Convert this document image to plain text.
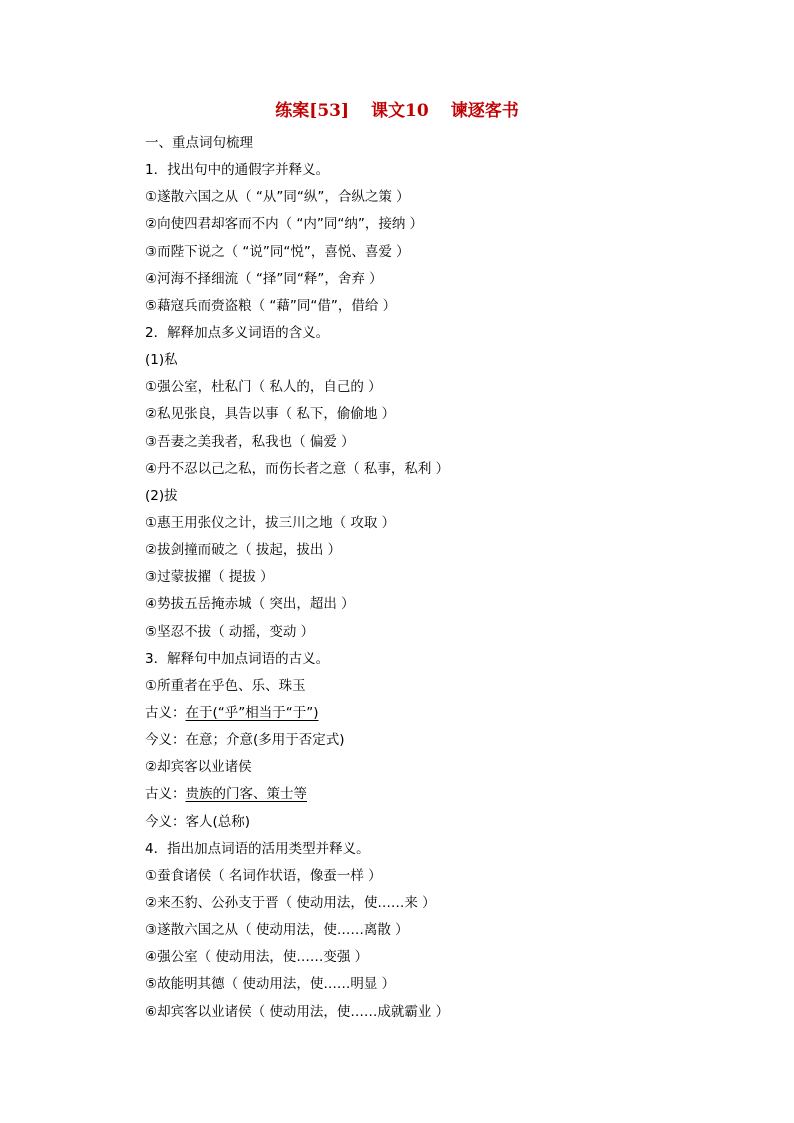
练案[53] 课文10 谏逐客书
一、重点词句梳理
1．找出句中的通假字并释义。
①遂散六国之从（ “从”同“纵”，合纵之策 ）
②向使四君却客而不内（ “内”同“纳”，接纳 ）
③而陛下说之（ “说”同“悦”，喜悦、喜爱 ）
④河海不择细流（ “择”同“释”，舍弃 ）
⑤藉寇兵而赍盗粮（ “藉”同“借”，借给 ）
2．解释加点多义词语的含义。
(1)私
①强公室，杜私门（ 私人的，自己的 ）
②私见张良，具告以事（ 私下，偷偷地 ）
③吾妻之美我者，私我也（ 偏爱 ）
④丹不忍以己之私，而伤长者之意（ 私事，私利 ）
(2)拔
①惠王用张仪之计，拔三川之地（ 攻取 ）
②拔剑撞而破之（ 拔起，拔出 ）
③过蒙拔擢（ 提拔 ）
④势拔五岳掩赤城（ 突出，超出 ）
⑤坚忍不拔（ 动摇，变动 ）
3．解释句中加点词语的古义。
①所重者在乎色、乐、珠玉
古义：在于(“乎”相当于“于”)
今义：在意；介意(多用于否定式)
②却宾客以业诸侯
古义：贵族的门客、策士等
今义：客人(总称)
4．指出加点词语的活用类型并释义。
①蚕食诸侯（ 名词作状语，像蚕一样 ）
②来丕豹、公孙支于晋（ 使动用法，使……来 ）
③遂散六国之从（ 使动用法，使……离散 ）
④强公室（ 使动用法，使……变强 ）
⑤故能明其德（ 使动用法，使……明显 ）
⑥却宾客以业诸侯（ 使动用法，使……成就霸业 ）
